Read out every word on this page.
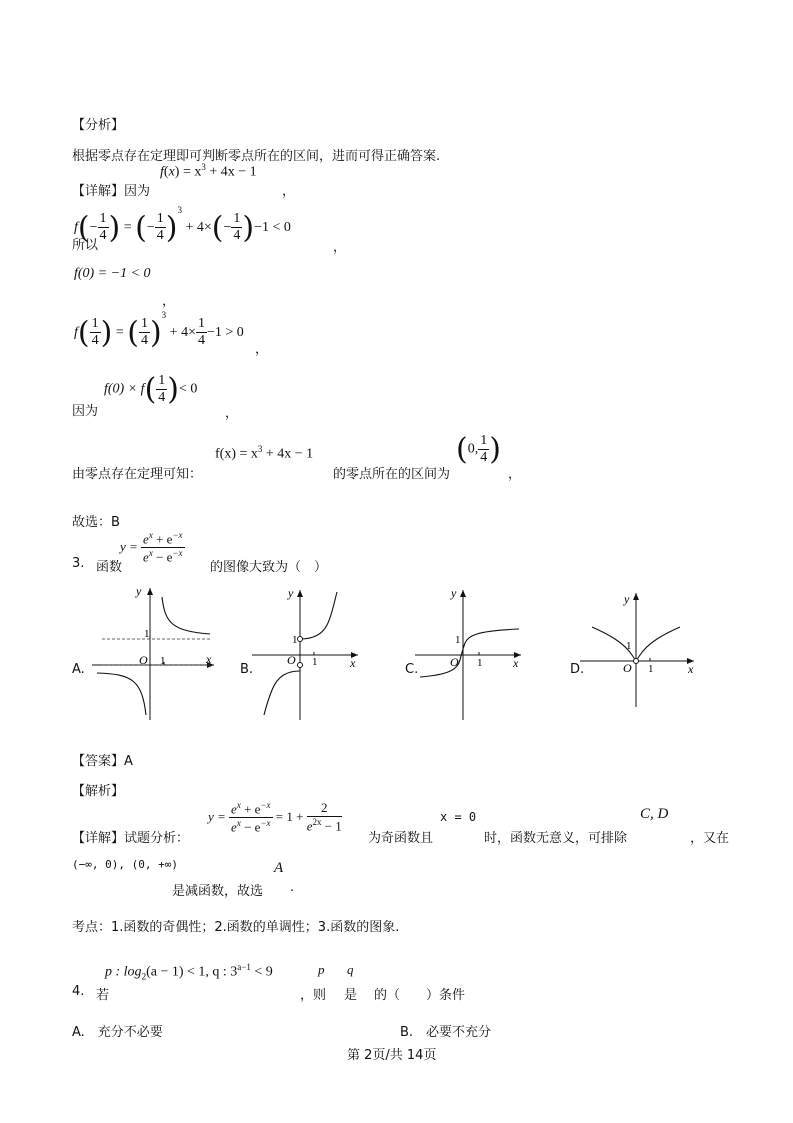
【分析】
根据零点存在定理即可判断零点所在的区间，进而可得正确答案.
【详解】因为
$f(x) = x^3 + 4x - 1$
，
$f(- \frac{1}{4}$ ) = (− $\frac{1}{4} )^3 + 4\times(- \frac{1}{4} )-1 < 0$
所以	，
f(0) = −1 < 0
，
$f( \frac{1}{4}$ ) = ( $\frac{1}{4} )^3 + 4\times \frac{1}{4} -1 > 0$
，
$f(0) \times f( \frac{1}{4}$ )< 0
因为	，
$f(x) = x^3 + 4x - 1$
由零点存在定理可知：	的零点所在的区间为
(0, $\frac{1}{4}$ )
，
故选：B
3. 函数
$y = \frac{e^x + e^{-x}}{e^x - e^{-x}}$
的图像大致为（　）
A.
y
x
O 1
1
B.
y
x
O 1
1
C.
y
x
O 1
1
D.
y
x
O 1
1
【答案】A
【解析】
【详解】试题分析：
$y = \frac{e^x + e^{-x}}{e^x - e^{-x}} = 1 + \frac{2}{e^{2x} - 1}$
为奇函数且
x = 0
时，函数无意义，可排除
C, D
，又在
(−∞, 0), (0, +∞)
是减函数，故选
A
.
考点：1.函数的奇偶性；2.函数的单调性；3.函数的图象.
p : $\log_2(a - 1) < 1$, q : $3^{a-1} < 9$	p q
4. 若	，则 是 的（　　）条件
A.　充分不必要	B.　必要不充分
第 2页/共 14页
